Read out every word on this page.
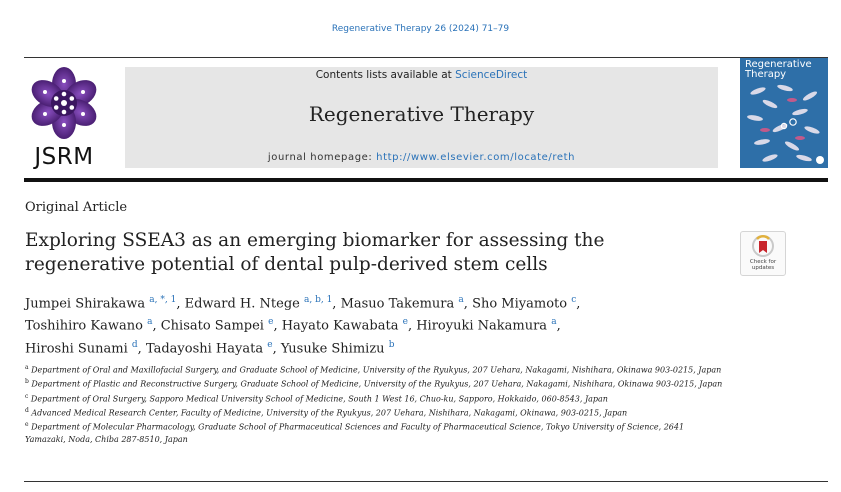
Regenerative Therapy 26 (2024) 71–79
JSRM
Contents lists available at ScienceDirect
Regenerative Therapy
journal homepage: http://www.elsevier.com/locate/reth
Regenerative
Therapy
Original Article
Exploring SSEA3 as an emerging biomarker for assessing the regenerative potential of dental pulp-derived stem cells	Check for
updates
Jumpei Shirakawa $^{a, *, 1}$, Edward H. Ntege $^{a, b, 1}$, Masuo Takemura $^a$, Sho Miyamoto $^c$,
Toshihiro Kawano $^a$, Chisato Sampei $^e$, Hayato Kawabata $^e$, Hiroyuki Nakamura $^a$,
Hiroshi Sunami $^d$, Tadayoshi Hayata $^e$, Yusuke Shimizu $^b$

$^a$ Department of Oral and Maxillofacial Surgery, and Graduate School of Medicine, University of the Ryukyus, 207 Uehara, Nakagami, Nishihara, Okinawa 903-0215, Japan

$^b$ Department of Plastic and Reconstructive Surgery, Graduate School of Medicine, University of the Ryukyus, 207 Uehara, Nakagami, Nishihara, Okinawa 903-0215, Japan

$^c$ Department of Oral Surgery, Sapporo Medical University School of Medicine, South 1 West 16, Chuo-ku, Sapporo, Hokkaido, 060-8543, Japan

$^d$ Advanced Medical Research Center, Faculty of Medicine, University of the Ryukyus, 207 Uehara, Nishihara, Nakagami, Okinawa, 903-0215, Japan

$^e$ Department of Molecular Pharmacology, Graduate School of Pharmaceutical Sciences and Faculty of Pharmaceutical Science, Tokyo University of Science, 2641 Yamazaki, Noda, Chiba 287-8510, Japan
